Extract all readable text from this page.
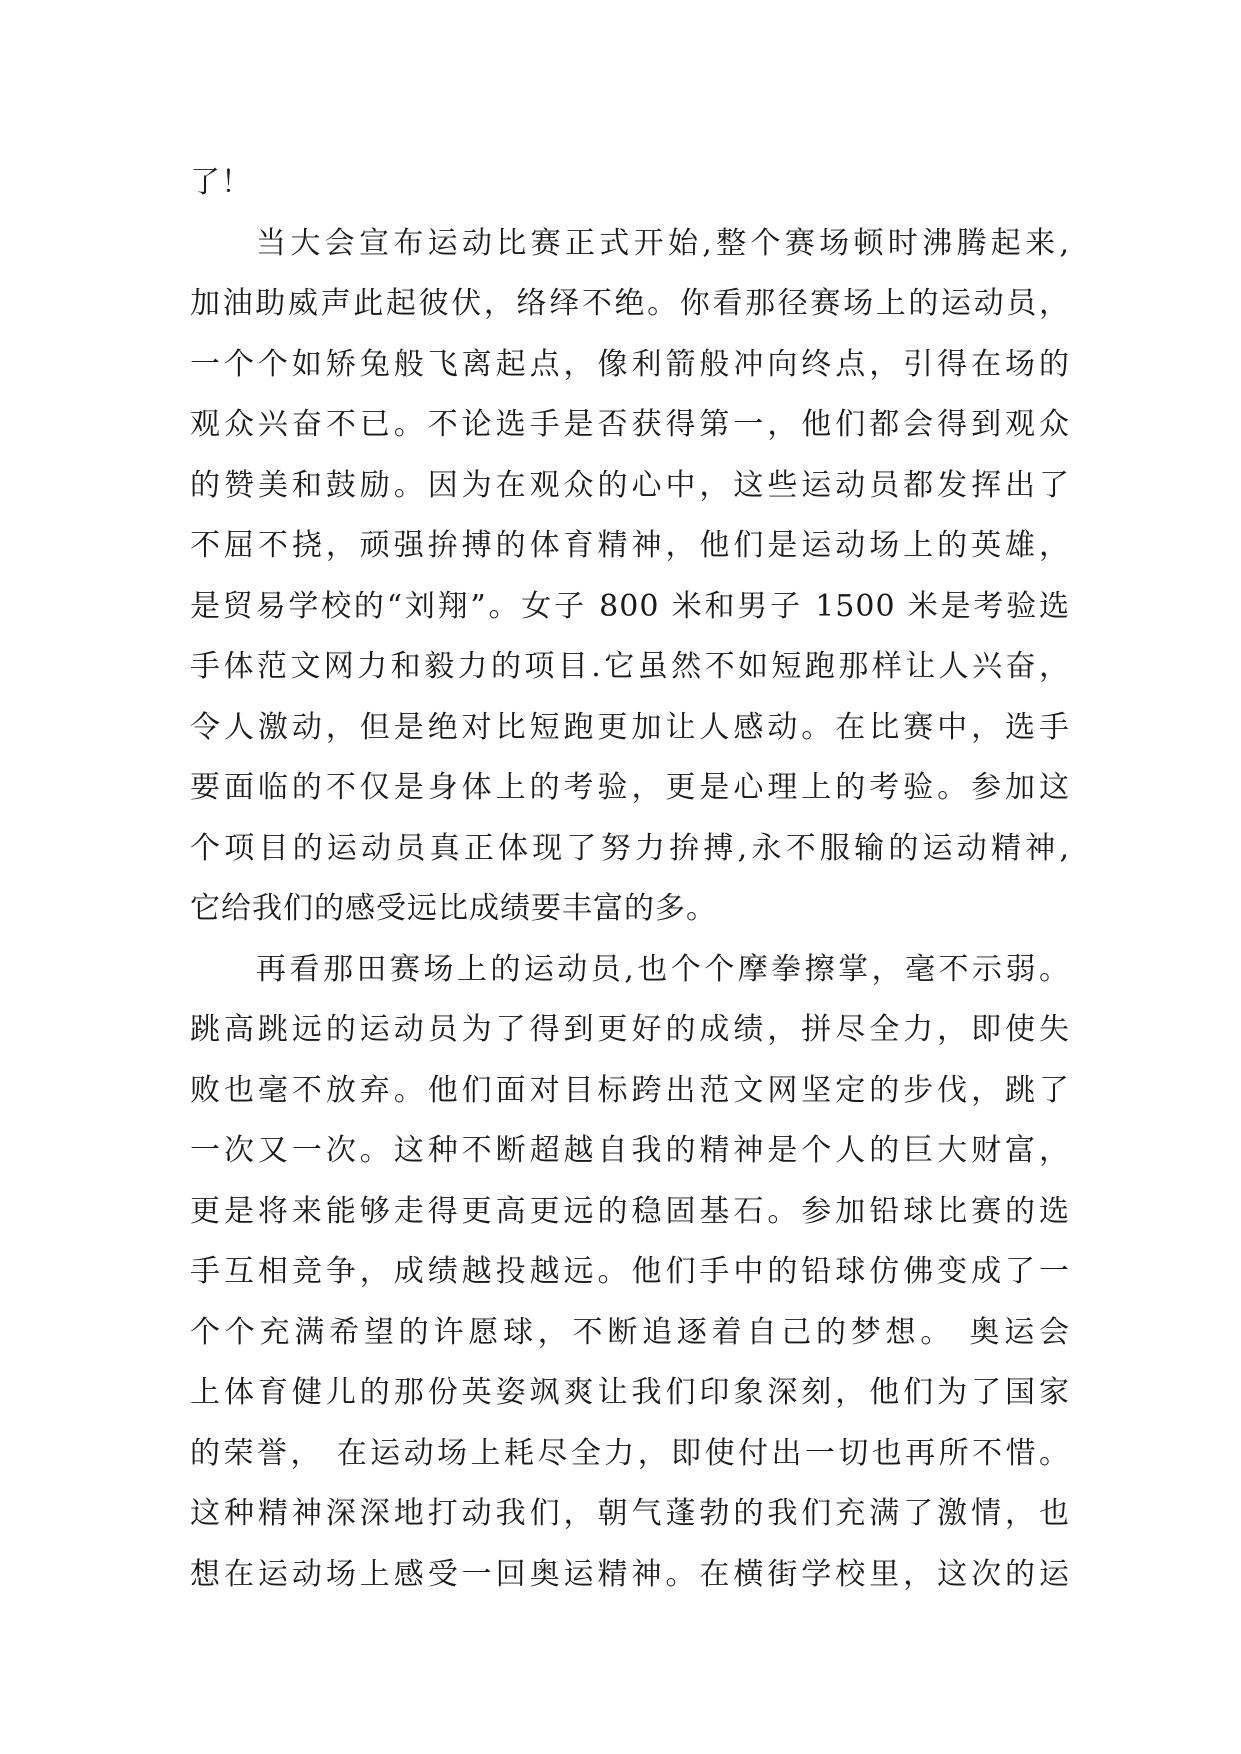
了！
当大会宣布运动比赛正式开始,整个赛场顿时沸腾起来,
加油助威声此起彼伏，络绎不绝。你看那径赛场上的运动员，
一个个如矫兔般飞离起点，像利箭般冲向终点，引得在场的
观众兴奋不已。不论选手是否获得第一，他们都会得到观众
的赞美和鼓励。因为在观众的心中，这些运动员都发挥出了
不屈不挠，顽强拚搏的体育精神，他们是运动场上的英雄，
是贸易学校的“刘翔”。女子 800 米和男子 1500 米是考验选
手体范文网力和毅力的项目.它虽然不如短跑那样让人兴奋，
令人激动，但是绝对比短跑更加让人感动。在比赛中，选手
要面临的不仅是身体上的考验，更是心理上的考验。参加这
个项目的运动员真正体现了努力拚搏,永不服输的运动精神,
它给我们的感受远比成绩要丰富的多。
再看那田赛场上的运动员,也个个摩拳擦掌，毫不示弱。
跳高跳远的运动员为了得到更好的成绩，拼尽全力，即使失
败也毫不放弃。他们面对目标跨出范文网坚定的步伐，跳了
一次又一次。这种不断超越自我的精神是个人的巨大财富，
更是将来能够走得更高更远的稳固基石。参加铅球比赛的选
手互相竞争，成绩越投越远。他们手中的铅球仿佛变成了一
个个充满希望的许愿球，不断追逐着自己的梦想。 奥运会
上体育健儿的那份英姿飒爽让我们印象深刻，他们为了国家
的荣誉， 在运动场上耗尽全力，即使付出一切也再所不惜。
这种精神深深地打动我们，朝气蓬勃的我们充满了激情，也
想在运动场上感受一回奥运精神。在横街学校里，这次的运
